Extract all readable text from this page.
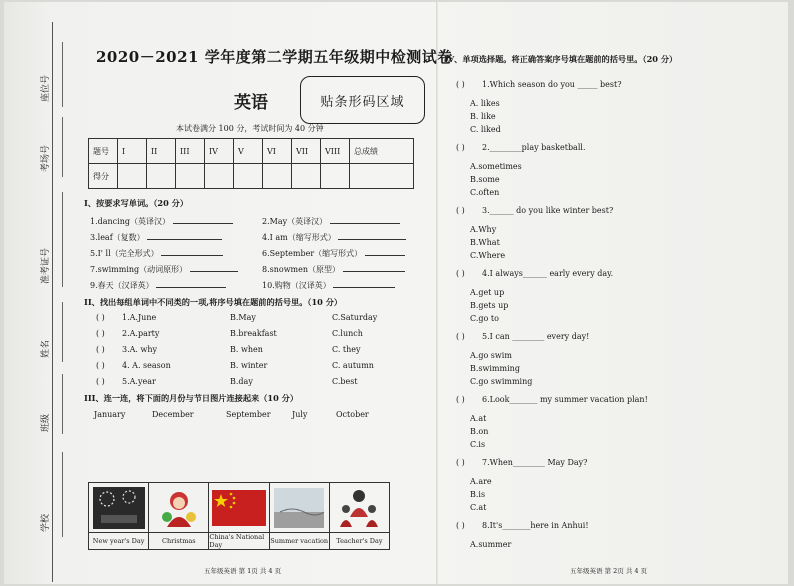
座位号
考场号
准考证号
姓名
班级
学校
2020－2021 学年度第二学期五年级期中检测试卷
英语	贴条形码区域
本试卷满分 100 分，考试时间为 40 分钟
题号	I	II	III	IV	V	VI	VII	VIII	总成绩
得分									
I、按要求写单词。（20 分）
1.dancing（英译汉）	2.May（英译汉）
3.leaf（复数）	4.I am（缩写形式）
5.I' ll（完全形式）	6.September（缩写形式）
7.swimming（动词原形）	8.snowmen（原型）
9.春天（汉译英）	10.购物（汉译英）
II、找出每组单词中不同类的一项,将序号填在题前的括号里。（10 分）
( ) 1.A.June	B.May	C.Saturday
( ) 2.A.party	B.breakfast	C.lunch
( ) 3.A. why	B. when	C. they
( ) 4. A. season	B. winter	C. autumn
( ) 5.A.year	B.day	C.best
III、连一连，将下面的月份与节日图片连接起来（10 分）
January	December	September	July	October
New year's Day	Christmas	China's National Day	Summer vacation	Teacher's Day
五年级英语 第 1页 共 4 页
IV、单项选择题。将正确答案序号填在题前的括号里。（20 分）
( ) 1.Which season do you _____ best?
A. likes
B. like
C. liked
( ) 2.________play basketball.
A.sometimes
B.some
C.often
( ) 3.______ do you like winter best?
A.Why
B.What
C.Where
( ) 4.I always______ early every day.
A.get up
B.gets up
C.go to
( ) 5.I can ________ every day!
A.go swim
B.swimming
C.go swimming
( ) 6.Look_______ my summer vacation plan!
A.at
B.on
C.is
( ) 7.When________ May Day?
A.are
B.is
C.at
( ) 8.It's_______here in Anhui!
A.summer
五年级英语 第 2页 共 4 页
